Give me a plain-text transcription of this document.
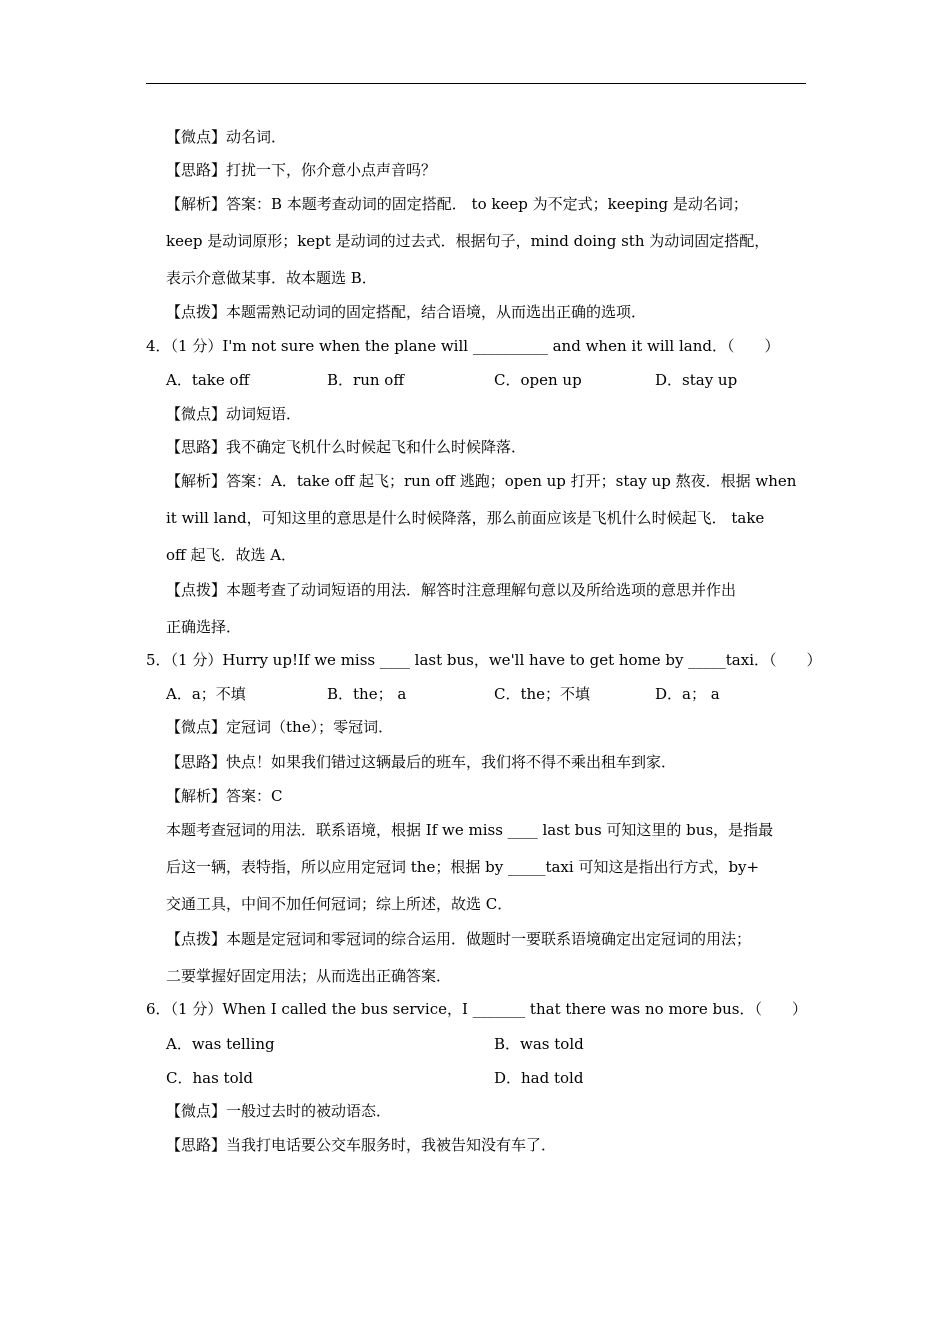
【微点】动名词．
【思路】打扰一下，你介意小点声音吗？
【解析】答案：B 本题考查动词的固定搭配． to keep 为不定式；keeping 是动名词；
keep 是动词原形；kept 是动词的过去式．根据句子，mind doing sth 为动词固定搭配，
表示介意做某事．故本题选 B．
【点拨】本题需熟记动词的固定搭配，结合语境，从而选出正确的选项．
4．（1 分）I'm not sure when the plane will __________ and when it will land．（　　）
A．take off	B．run off	C．open up	D．stay up
【微点】动词短语．
【思路】我不确定飞机什么时候起飞和什么时候降落．
【解析】答案：A．take off 起飞；run off 逃跑；open up 打开；stay up 熬夜．根据 when
it will land，可知这里的意思是什么时候降落，那么前面应该是飞机什么时候起飞． take
off 起飞．故选 A．
【点拨】本题考查了动词短语的用法．解答时注意理解句意以及所给选项的意思并作出
正确选择．
5．（1 分）Hurry up!If we miss ____ last bus，we'll have to get home by _____taxi．（　　）
A．a；不填	B．the； a	C．the；不填	D．a； a
【微点】定冠词（the）；零冠词．
【思路】快点！如果我们错过这辆最后的班车，我们将不得不乘出租车到家．
【解析】答案：C
本题考查冠词的用法．联系语境，根据 If we miss ____ last bus 可知这里的 bus，是指最
后这一辆，表特指，所以应用定冠词 the；根据 by _____taxi 可知这是指出行方式，by+
交通工具，中间不加任何冠词；综上所述，故选 C．
【点拨】本题是定冠词和零冠词的综合运用．做题时一要联系语境确定出定冠词的用法；
二要掌握好固定用法；从而选出正确答案．
6．（1 分）When I called the bus service，I _______ that there was no more bus．（　　）
A．was telling	B．was told
C．has told	D．had told
【微点】一般过去时的被动语态．
【思路】当我打电话要公交车服务时，我被告知没有车了．
